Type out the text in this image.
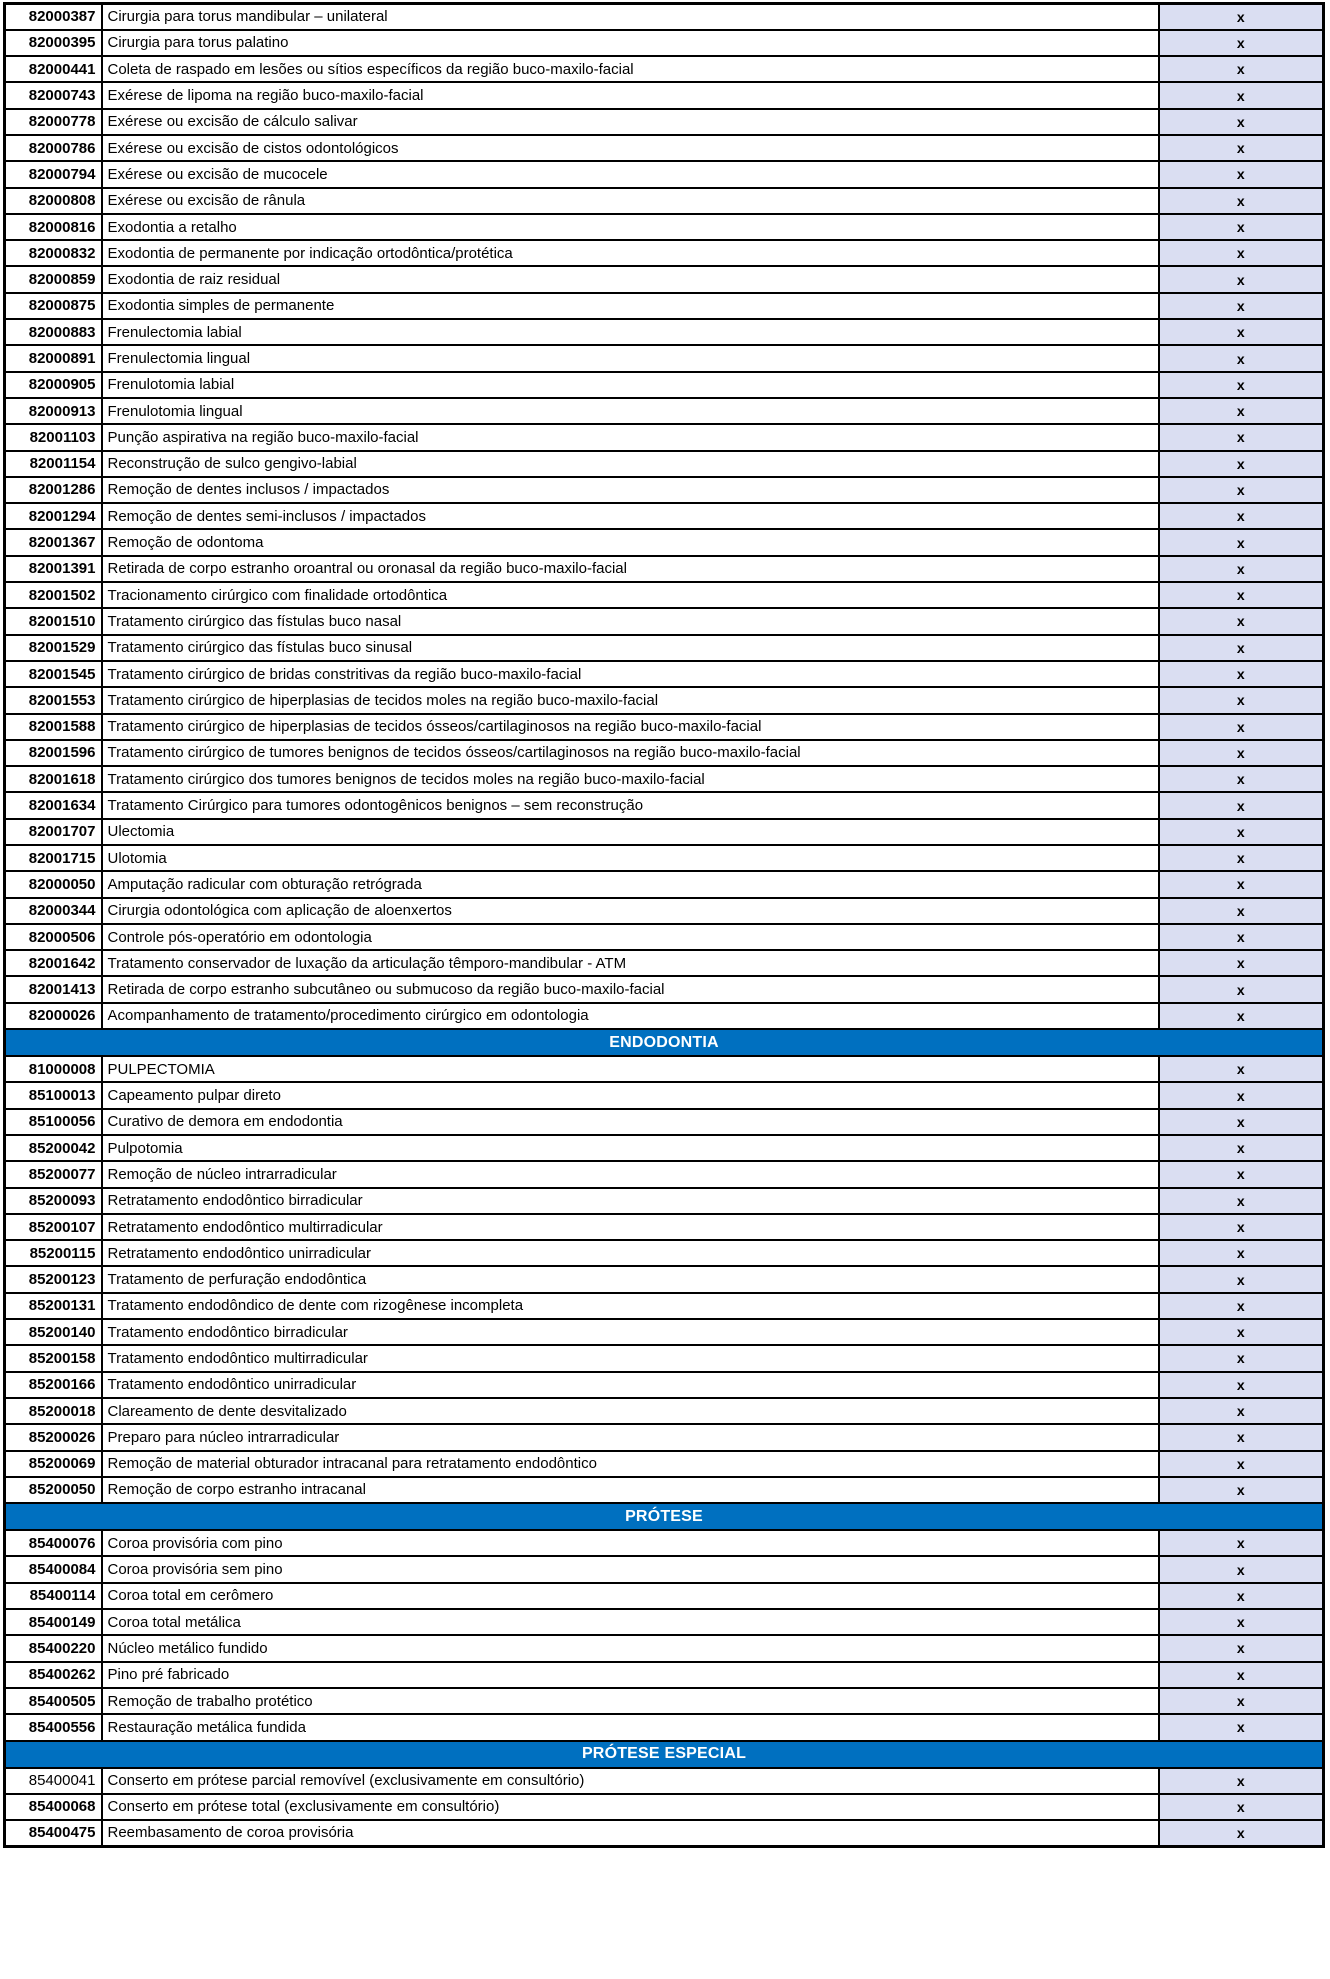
82000387	Cirurgia para torus mandibular – unilateral	x
82000395	Cirurgia para torus palatino	x
82000441	Coleta de raspado em lesões ou sítios específicos da região buco-maxilo-facial	x
82000743	Exérese de lipoma na região buco-maxilo-facial	x
82000778	Exérese ou excisão de cálculo salivar	x
82000786	Exérese ou excisão de cistos odontológicos	x
82000794	Exérese ou excisão de mucocele	x
82000808	Exérese ou excisão de rânula	x
82000816	Exodontia a retalho	x
82000832	Exodontia de permanente por indicação ortodôntica/protética	x
82000859	Exodontia de raiz residual	x
82000875	Exodontia simples de permanente	x
82000883	Frenulectomia labial	x
82000891	Frenulectomia lingual	x
82000905	Frenulotomia labial	x
82000913	Frenulotomia lingual	x
82001103	Punção aspirativa na região buco-maxilo-facial	x
82001154	Reconstrução de sulco gengivo-labial	x
82001286	Remoção de dentes inclusos / impactados	x
82001294	Remoção de dentes semi-inclusos / impactados	x
82001367	Remoção de odontoma	x
82001391	Retirada de corpo estranho oroantral ou oronasal da região buco-maxilo-facial	x
82001502	Tracionamento cirúrgico com finalidade ortodôntica	x
82001510	Tratamento cirúrgico das fístulas buco nasal	x
82001529	Tratamento cirúrgico das fístulas buco sinusal	x
82001545	Tratamento cirúrgico de bridas constritivas da região buco-maxilo-facial	x
82001553	Tratamento cirúrgico de hiperplasias de tecidos moles na região buco-maxilo-facial	x
82001588	Tratamento cirúrgico de hiperplasias de tecidos ósseos/cartilaginosos na região buco-maxilo-facial	x
82001596	Tratamento cirúrgico de tumores benignos de tecidos ósseos/cartilaginosos na região buco-maxilo-facial	x
82001618	Tratamento cirúrgico dos tumores benignos de tecidos moles na região buco-maxilo-facial	x
82001634	Tratamento Cirúrgico para tumores odontogênicos benignos – sem reconstrução	x
82001707	Ulectomia	x
82001715	Ulotomia	x
82000050	Amputação radicular com obturação retrógrada	x
82000344	Cirurgia odontológica com aplicação de aloenxertos	x
82000506	Controle pós-operatório em odontologia	x
82001642	Tratamento conservador de luxação da articulação têmporo-mandibular - ATM	x
82001413	Retirada de corpo estranho subcutâneo ou submucoso da região buco-maxilo-facial	x
82000026	Acompanhamento de tratamento/procedimento cirúrgico em odontologia	x
ENDODONTIA		
81000008	PULPECTOMIA	x
85100013	Capeamento pulpar direto	x
85100056	Curativo de demora em endodontia	x
85200042	Pulpotomia	x
85200077	Remoção de núcleo intrarradicular	x
85200093	Retratamento endodôntico birradicular	x
85200107	Retratamento endodôntico multirradicular	x
85200115	Retratamento endodôntico unirradicular	x
85200123	Tratamento de perfuração endodôntica	x
85200131	Tratamento endodôndico de dente com rizogênese incompleta	x
85200140	Tratamento endodôntico birradicular	x
85200158	Tratamento endodôntico multirradicular	x
85200166	Tratamento endodôntico unirradicular	x
85200018	Clareamento de dente desvitalizado	x
85200026	Preparo para núcleo intrarradicular	x
85200069	Remoção de material obturador intracanal para retratamento endodôntico	x
85200050	Remoção de corpo estranho intracanal	x
PRÓTESE		
85400076	Coroa provisória com pino	x
85400084	Coroa provisória sem pino	x
85400114	Coroa total em cerômero	x
85400149	Coroa total metálica	x
85400220	Núcleo metálico fundido	x
85400262	Pino pré fabricado	x
85400505	Remoção de trabalho protético	x
85400556	Restauração metálica fundida	x
PRÓTESE ESPECIAL		
85400041	Conserto em prótese parcial removível (exclusivamente em consultório)	x
85400068	Conserto em prótese total (exclusivamente em consultório)	x
85400475	Reembasamento de coroa provisória	x
